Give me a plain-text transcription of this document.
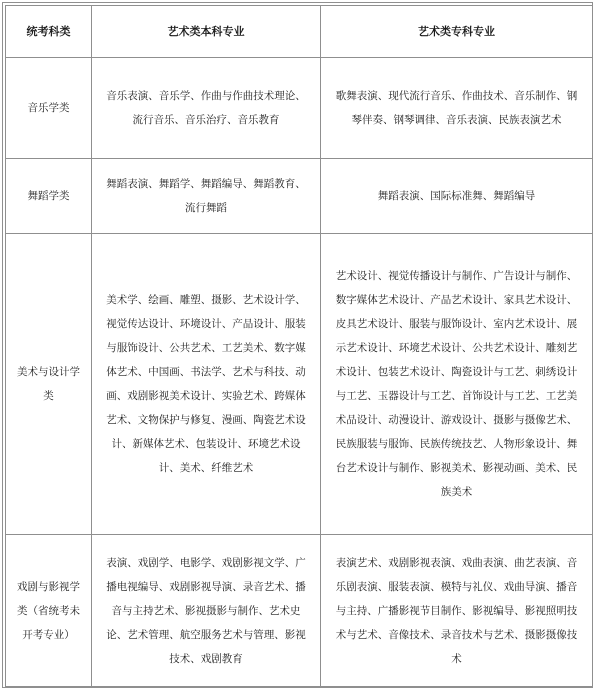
统考科类	艺术类本科专业	艺术类专科专业
音乐学类	音乐表演、音乐学、作曲与作曲技术理论、流行音乐、音乐治疗、音乐教育	歌舞表演、现代流行音乐、作曲技术、音乐制作、钢琴伴奏、钢琴调律、音乐表演、民族表演艺术
舞蹈学类	舞蹈表演、舞蹈学、舞蹈编导、舞蹈教育、流行舞蹈	舞蹈表演、国际标准舞、舞蹈编导
美术与设计学类	美术学、绘画、雕塑、摄影、艺术设计学、视觉传达设计、环境设计、产品设计、服装与服饰设计、公共艺术、工艺美术、数字媒体艺术、中国画、书法学、艺术与科技、动画、戏剧影视美术设计、实验艺术、跨媒体艺术、文物保护与修复、漫画、陶瓷艺术设计、新媒体艺术、包装设计、环境艺术设计、美术、纤维艺术	艺术设计、视觉传播设计与制作、广告设计与制作、数字媒体艺术设计、产品艺术设计、家具艺术设计、皮具艺术设计、服装与服饰设计、室内艺术设计、展示艺术设计、环境艺术设计、公共艺术设计、雕刻艺术设计、包装艺术设计、陶瓷设计与工艺、刺绣设计与工艺、玉器设计与工艺、首饰设计与工艺、工艺美术品设计、动漫设计、游戏设计、摄影与摄像艺术、民族服装与服饰、民族传统技艺、人物形象设计、舞台艺术设计与制作、影视美术、影视动画、美术、民族美术
戏剧与影视学类（省统考未开考专业）	表演、戏剧学、电影学、戏剧影视文学、广播电视编导、戏剧影视导演、录音艺术、播音与主持艺术、影视摄影与制作、艺术史论、艺术管理、航空服务艺术与管理、影视技术、戏剧教育	表演艺术、戏剧影视表演、戏曲表演、曲艺表演、音乐剧表演、服装表演、模特与礼仪、戏曲导演、播音与主持、广播影视节目制作、影视编导、影视照明技术与艺术、音像技术、录音技术与艺术、摄影摄像技术
